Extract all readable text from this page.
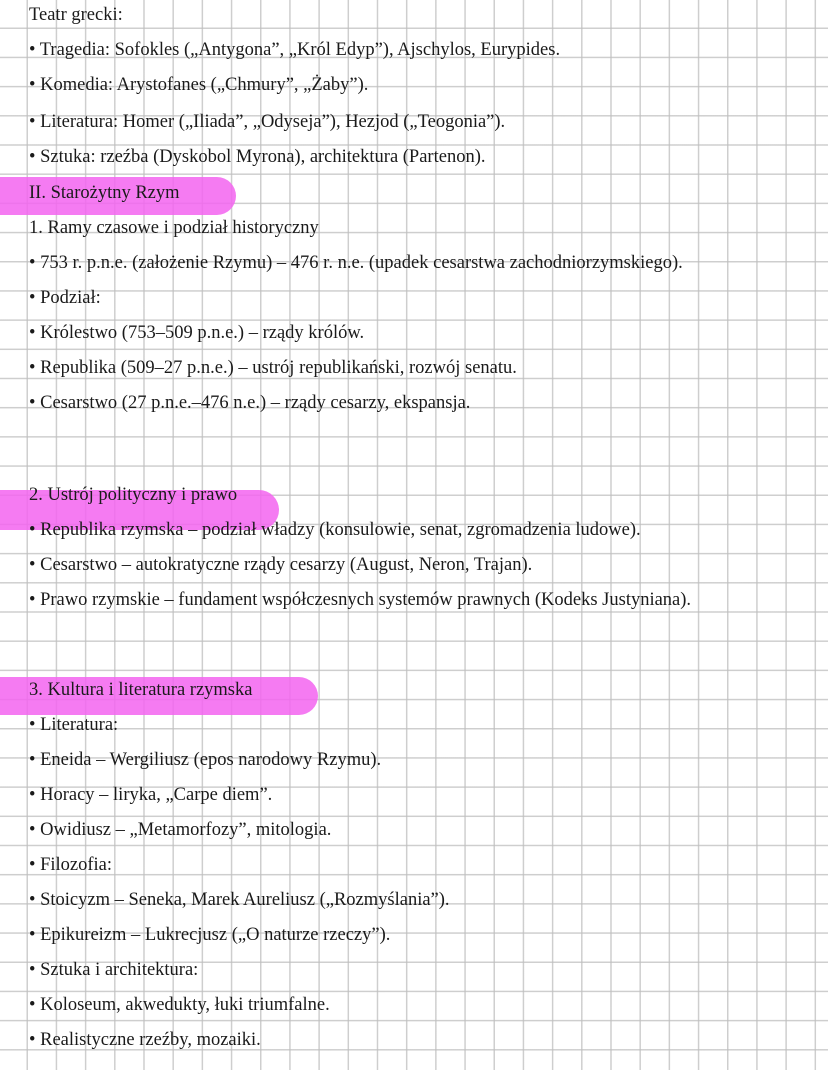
Teatr grecki:
• Tragedia: Sofokles („Antygona”, „Król Edyp”), Ajschylos, Eurypides.
• Komedia: Arystofanes („Chmury”, „Żaby”).
• Literatura: Homer („Iliada”, „Odyseja”), Hezjod („Teogonia”).
• Sztuka: rzeźba (Dyskobol Myrona), architektura (Partenon).
II. Starożytny Rzym
1. Ramy czasowe i podział historyczny
• 753 r. p.n.e. (założenie Rzymu) – 476 r. n.e. (upadek cesarstwa zachodniorzymskiego).
• Podział:
• Królestwo (753–509 p.n.e.) – rządy królów.
• Republika (509–27 p.n.e.) – ustrój republikański, rozwój senatu.
• Cesarstwo (27 p.n.e.–476 n.e.) – rządy cesarzy, ekspansja.
2. Ustrój polityczny i prawo
• Republika rzymska – podział władzy (konsulowie, senat, zgromadzenia ludowe).
• Cesarstwo – autokratyczne rządy cesarzy (August, Neron, Trajan).
• Prawo rzymskie – fundament współczesnych systemów prawnych (Kodeks Justyniana).
3. Kultura i literatura rzymska
• Literatura:
• Eneida – Wergiliusz (epos narodowy Rzymu).
• Horacy – liryka, „Carpe diem”.
• Owidiusz – „Metamorfozy”, mitologia.
• Filozofia:
• Stoicyzm – Seneka, Marek Aureliusz („Rozmyślania”).
• Epikureizm – Lukrecjusz („O naturze rzeczy”).
• Sztuka i architektura:
• Koloseum, akwedukty, łuki triumfalne.
• Realistyczne rzeźby, mozaiki.
